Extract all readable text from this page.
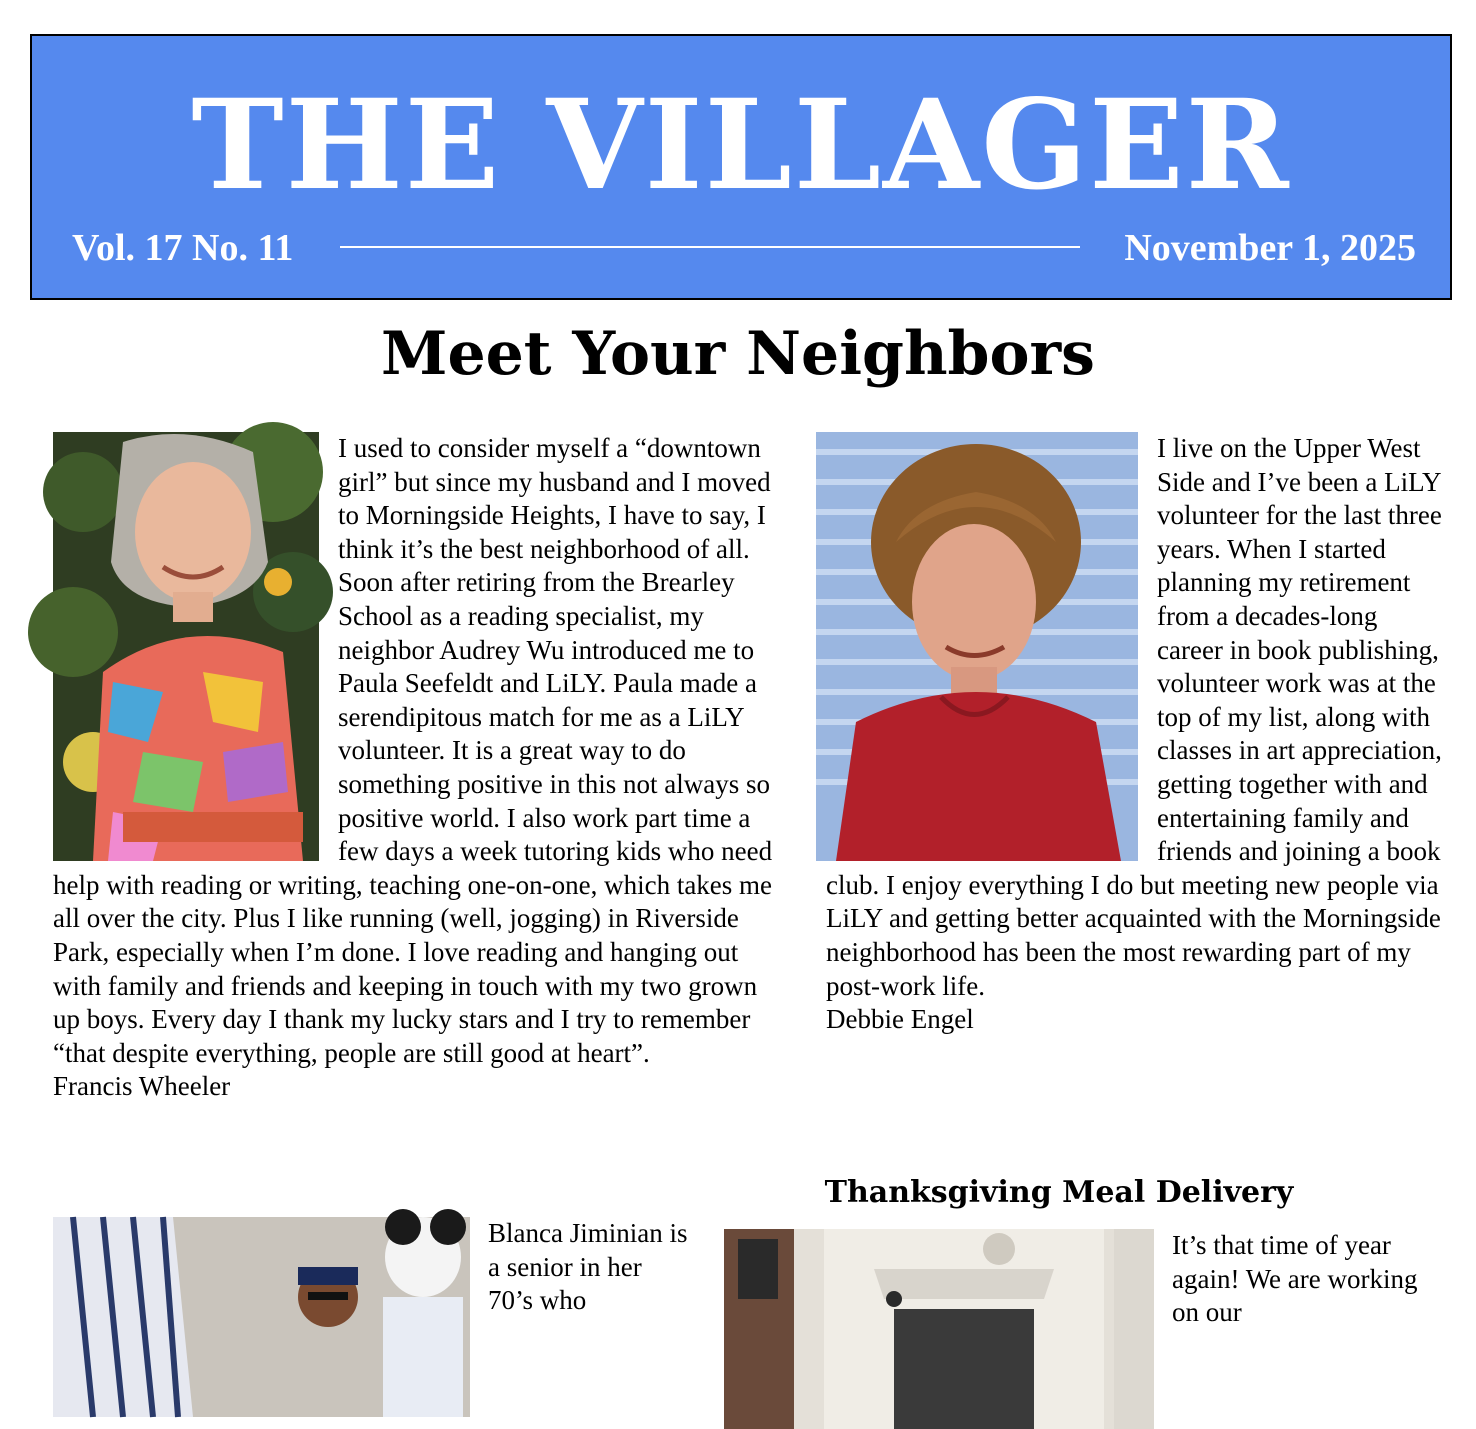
THE VILLAGER
Vol. 17 No. 11	November 1, 2025
Meet Your Neighbors

I used to consider myself a “downtown girl” but since my husband and I moved to Morningside Heights, I have to say, I think it’s the best neighborhood of all. Soon after retiring from the Brearley School as a reading specialist, my neighbor Audrey Wu introduced me to Paula Seefeldt and LiLY. Paula made a serendipitous match for me as a LiLY volunteer. It is a great way to do something positive in this not always so positive world. I also work part time a few days a week tutoring kids who need help with reading or writing, teaching one-on-one, which takes me all over the city. Plus I like running (well, jogging) in Riverside Park, especially when I’m done. I love reading and hanging out with family and friends and keeping in touch with my two grown up boys. Every day I thank my lucky stars and I try to remember “that despite everything, people are still good at heart”.
Francis Wheeler

I live on the Upper West Side and I’ve been a LiLY volunteer for the last three years. When I started planning my retirement from a decades-long career in book publishing, volunteer work was at the top of my list, along with classes in art appreciation, getting together with and entertaining family and friends and joining a book club. I enjoy everything I do but meeting new people via LiLY and getting better acquainted with the Morningside neighborhood has been the most rewarding part of my post-work life.
Debbie Engel

Blanca Jiminian is a senior in her 70’s who
Thanksgiving Meal Delivery
It’s that time of year again! We are working on our
